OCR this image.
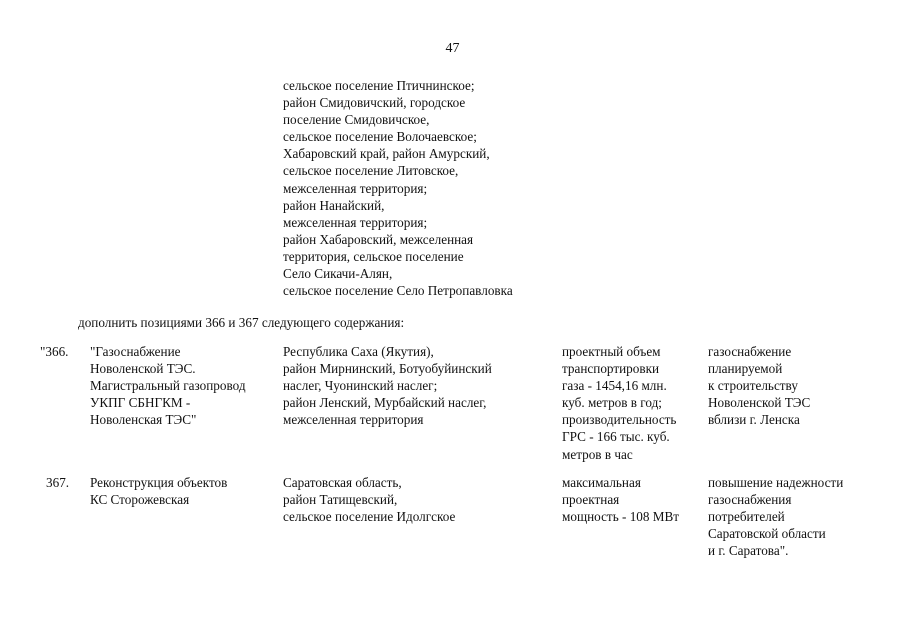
47
сельское поселение Птичнинское;
район Смидовичский, городское
поселение Смидовичское,
сельское поселение Волочаевское;
Хабаровский край, район Амурский,
сельское поселение Литовское,
межселенная территория;
район Нанайский,
межселенная территория;
район Хабаровский, межселенная
территория, сельское поселение
Село Сикачи-Алян,
сельское поселение Село Петропавловка
дополнить позициями 366 и 367 следующего содержания:
"366.	"Газоснабжение
Новоленской ТЭС.
Магистральный газопровод
УКПГ СБНГКМ -
Новоленская ТЭС"
Республика Саха (Якутия),
район Мирнинский, Ботуобуйинский
наслег, Чуонинский наслег;
район Ленский, Мурбайский наслег,
межселенная территория
проектный объем
транспортировки
газа - 1454,16 млн.
куб. метров в год;
производительность
ГРС - 166 тыс. куб.
метров в час
газоснабжение
планируемой
к строительству
Новоленской ТЭС
вблизи г. Ленска
367.	Реконструкция объектов
КС Сторожевская
Саратовская область,
район Татищевский,
сельское поселение Идолгское
максимальная
проектная
мощность - 108 МВт
повышение надежности
газоснабжения
потребителей
Саратовской области
и г. Саратова".
